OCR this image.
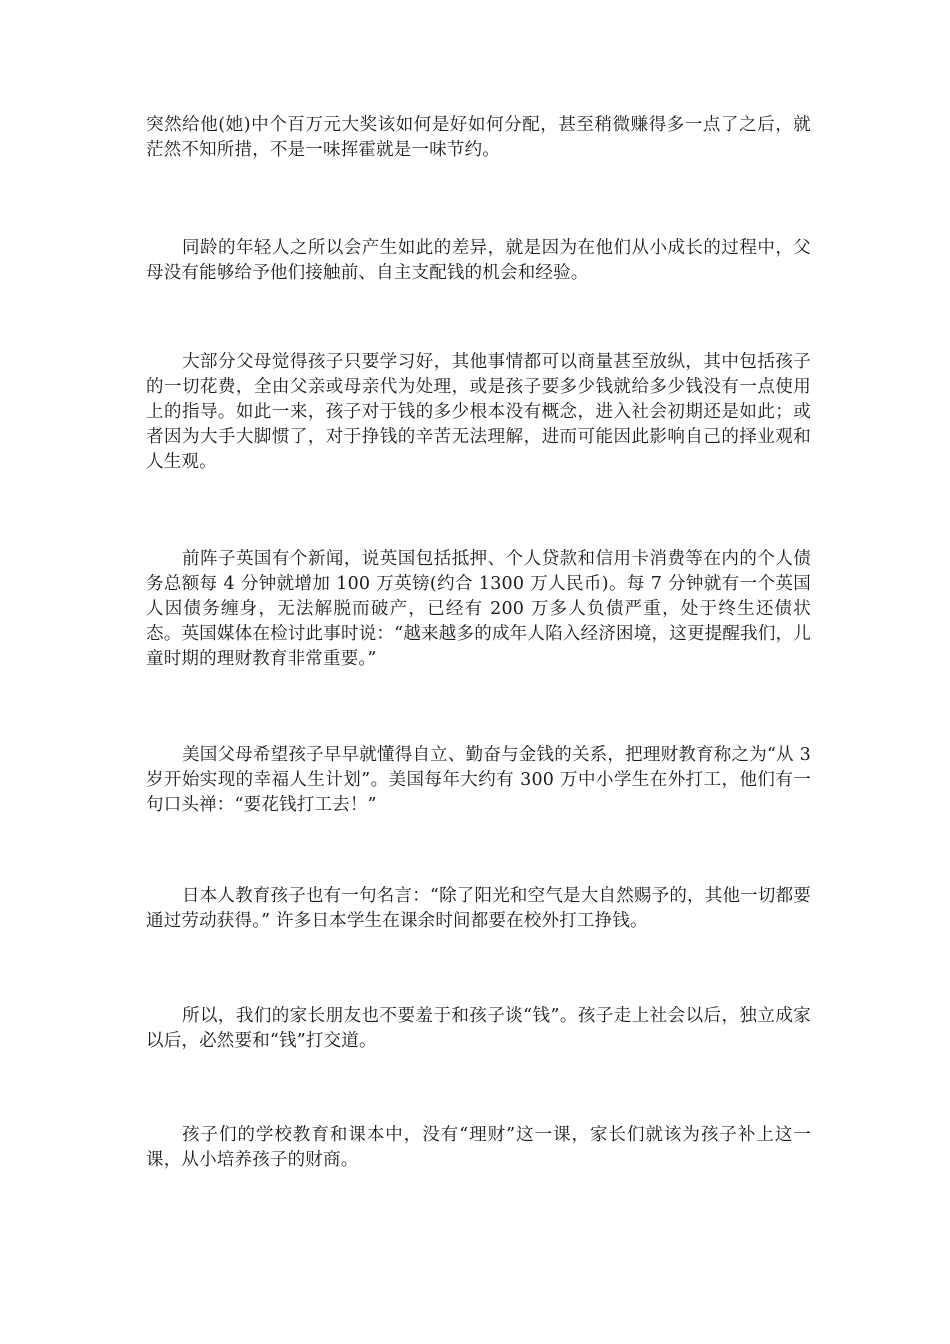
突然给他(她)中个百万元大奖该如何是好如何分配，甚至稍微赚得多一点了之后，就茫然不知所措，不是一味挥霍就是一味节约。

同龄的年轻人之所以会产生如此的差异，就是因为在他们从小成长的过程中，父母没有能够给予他们接触前、自主支配钱的机会和经验。

大部分父母觉得孩子只要学习好，其他事情都可以商量甚至放纵，其中包括孩子的一切花费，全由父亲或母亲代为处理，或是孩子要多少钱就给多少钱没有一点使用上的指导。如此一来，孩子对于钱的多少根本没有概念，进入社会初期还是如此；或者因为大手大脚惯了，对于挣钱的辛苦无法理解，进而可能因此影响自己的择业观和人生观。

前阵子英国有个新闻，说英国包括抵押、个人贷款和信用卡消费等在内的个人债务总额每 4 分钟就增加 100 万英镑(约合 1300 万人民币)。每 7 分钟就有一个英国人因债务缠身，无法解脱而破产，已经有 200 万多人负债严重，处于终生还债状态。英国媒体在检讨此事时说：“越来越多的成年人陷入经济困境，这更提醒我们，儿童时期的理财教育非常重要。”

美国父母希望孩子早早就懂得自立、勤奋与金钱的关系，把理财教育称之为“从 3 岁开始实现的幸福人生计划”。美国每年大约有 300 万中小学生在外打工，他们有一句口头禅：“要花钱打工去！”

日本人教育孩子也有一句名言：“除了阳光和空气是大自然赐予的，其他一切都要通过劳动获得。” 许多日本学生在课余时间都要在校外打工挣钱。

所以，我们的家长朋友也不要羞于和孩子谈“钱”。孩子走上社会以后，独立成家以后，必然要和“钱”打交道。

孩子们的学校教育和课本中，没有“理财”这一课，家长们就该为孩子补上这一课，从小培养孩子的财商。
